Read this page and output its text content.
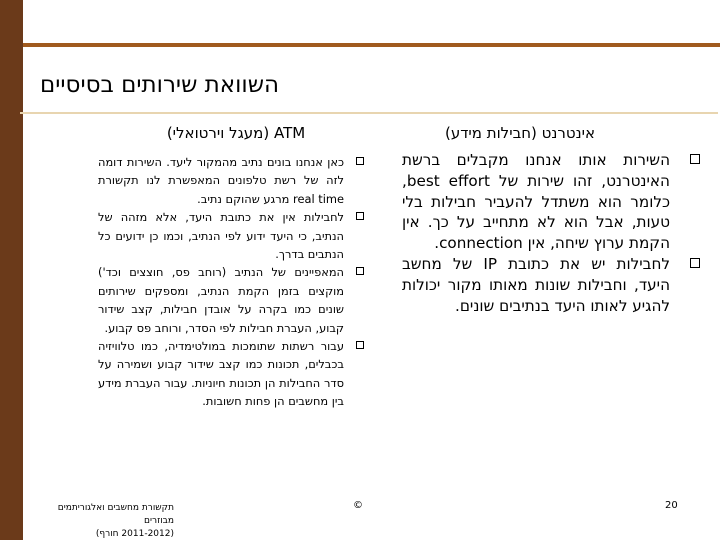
השוואת שירותים בסיסיים
אינטרנט (חבילות מידע)
ATM (מעגל וירטואלי)
השירות אותו אנחנו מקבלים ברשת האינטרנט, זהו שירות של best effort, כלומר הוא משתדל להעביר חבילות בלי טעות, אבל הוא לא מתחייב על כך. אין הקמת ערוץ שיחה, אין connection.
לחבילות יש את כתובת IP של מחשב היעד, וחבילות שונות מאותו מקור יכולות להגיע לאותו היעד בנתיבים שונים.
כאן אנחנו בונים נתיב מהמקור ליעד. השירות דומה לזה של רשת טלפונים המאפשרת לנו תקשורת real time מרגע שהוקם נתיב.
לחבילות אין את כתובת היעד, אלא מזהה של הנתיב, כי היעד ידוע לפי הנתיב, וכמו כן ידועים כל הנתבים בדרך.
המאפיינים של הנתיב (רוחב פס, חוצצים וכד') מוקצים בזמן הקמת הנתיב, ומספקים שירותים שונים כמו בקרה על אובדן חבילות, קצב שידור קבוע, העברת חבילות לפי הסדר, ורוחב פס קבוע.
עבור רשתות שתומכות במולטימדיה, כמו טלוויזיה בכבלים, תכונות כמו קצב שידור קבוע ושמירה על סדר החבילות הן תכונות חיוניות. עבור העברת מידע בין מחשבים הן פחות חשובות.
תקשורת מחשבים ואלגוריתמים מבוזרים
(2011-2012 חורף)
©	20
